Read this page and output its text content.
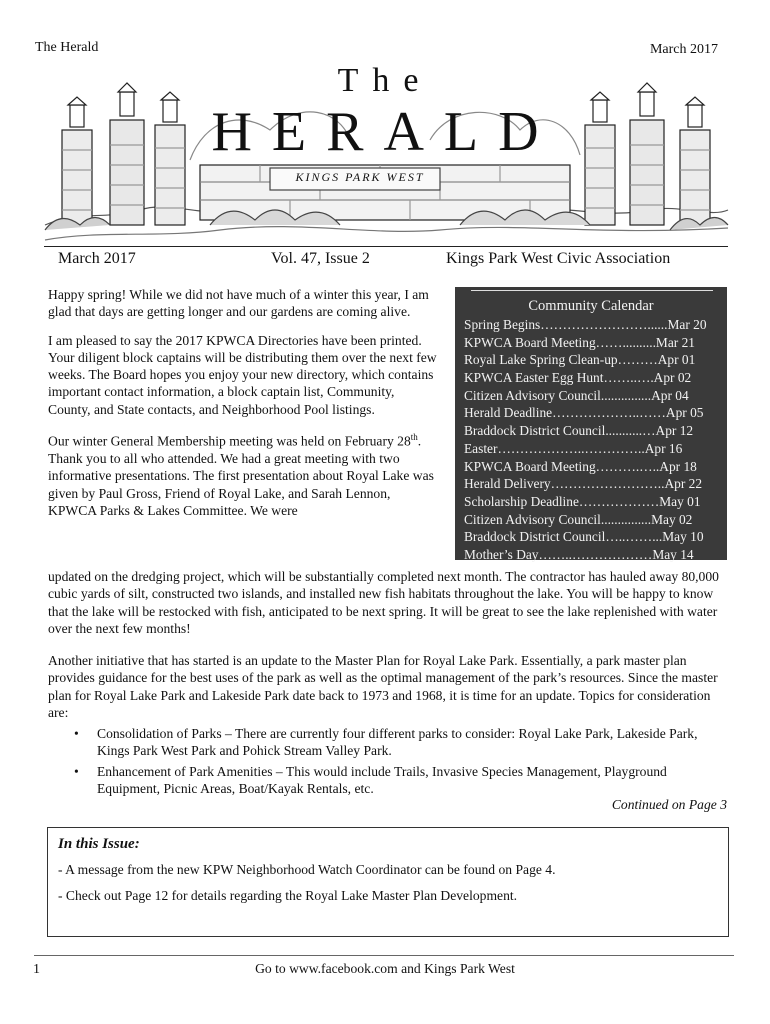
The Herald	March 2017
The
HERALD
KINGS PARK WEST
March 2017	Vol. 47, Issue 2	Kings Park West Civic Association

Happy spring! While we did not have much of a winter this year, I am glad that days are getting longer and our gardens are coming alive.

I am pleased to say the 2017 KPWCA Directories have been printed. Your diligent block captains will be distributing them over the next few weeks. The Board hopes you enjoy your new directory, which contains important contact information, a block captain list, Community, County, and State contacts, and Neighborhood Pool listings.

Our winter General Membership meeting was held on February 28th. Thank you to all who attended. We had a great meeting with two informative presentations. The first presentation about Royal Lake was given by Paul Gross, Friend of Royal Lake, and Sarah Lennon, KPWCA Parks & Lakes Committee. We were

Community Calendar
Spring Begins……………………......Mar 20
KPWCA Board Meeting……..........Mar 21
Royal Lake Spring Clean-up………Apr 01
KPWCA Easter Egg Hunt……..….Apr 02
Citizen Advisory Council...............Apr 04
Herald Deadline………………..……Apr 05
Braddock District Council...........…Apr 12
Easter………………..…………..Apr 16
KPWCA Board Meeting……….…..Apr 18
Herald Delivery……………………..Apr 22
Scholarship Deadline………………May 01
Citizen Advisory Council...............May 02
Braddock District Council…..……...May 10
Mother’s Day……..………………May 14

updated on the dredging project, which will be substantially completed next month. The contractor has hauled away 80,000 cubic yards of silt, constructed two islands, and installed new fish habitats throughout the lake. You will be happy to know that the lake will be restocked with fish, anticipated to be next spring. It will be great to see the lake replenished with water over the next few months!

Another initiative that has started is an update to the Master Plan for Royal Lake Park. Essentially, a park master plan provides guidance for the best uses of the park as well as the optimal management of the park’s resources. Since the master plan for Royal Lake Park and Lakeside Park date back to 1973 and 1968, it is time for an update. Topics for consideration are:

• Consolidation of Parks – There are currently four different parks to consider: Royal Lake Park, Lakeside Park, Kings Park West Park and Pohick Stream Valley Park.
• Enhancement of Park Amenities – This would include Trails, Invasive Species Management, Playground Equipment, Picnic Areas, Boat/Kayak Rentals, etc.
Continued on Page 3
In this Issue:
- A message from the new KPW Neighborhood Watch Coordinator can be found on Page 4.
- Check out Page 12 for details regarding the Royal Lake Master Plan Development.
1	Go to www.facebook.com and Kings Park West
